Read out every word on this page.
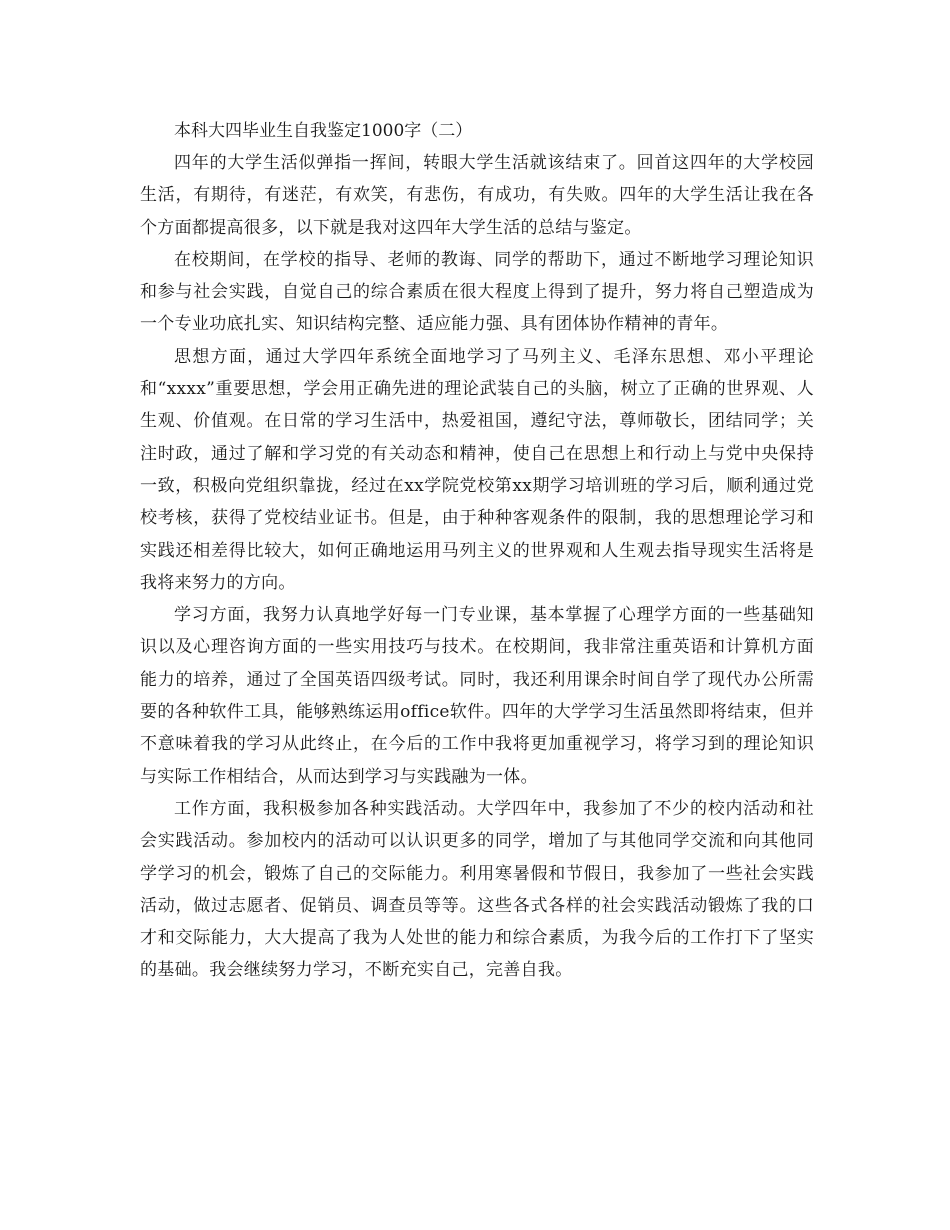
本科大四毕业生自我鉴定1000字（二）

四年的大学生活似弹指一挥间，转眼大学生活就该结束了。回首这四年的大学校园生活，有期待，有迷茫，有欢笑，有悲伤，有成功，有失败。四年的大学生活让我在各个方面都提高很多，以下就是我对这四年大学生活的总结与鉴定。

在校期间，在学校的指导、老师的教诲、同学的帮助下，通过不断地学习理论知识和参与社会实践，自觉自己的综合素质在很大程度上得到了提升，努力将自己塑造成为一个专业功底扎实、知识结构完整、适应能力强、具有团体协作精神的青年。

思想方面，通过大学四年系统全面地学习了马列主义、毛泽东思想、邓小平理论和“xxxx”重要思想，学会用正确先进的理论武装自己的头脑，树立了正确的世界观、人生观、价值观。在日常的学习生活中，热爱祖国，遵纪守法，尊师敬长，团结同学；关注时政，通过了解和学习党的有关动态和精神，使自己在思想上和行动上与党中央保持一致，积极向党组织靠拢，经过在xx学院党校第xx期学习培训班的学习后，顺利通过党校考核，获得了党校结业证书。但是，由于种种客观条件的限制，我的思想理论学习和实践还相差得比较大，如何正确地运用马列主义的世界观和人生观去指导现实生活将是我将来努力的方向。

学习方面，我努力认真地学好每一门专业课，基本掌握了心理学方面的一些基础知识以及心理咨询方面的一些实用技巧与技术。在校期间，我非常注重英语和计算机方面能力的培养，通过了全国英语四级考试。同时，我还利用课余时间自学了现代办公所需要的各种软件工具，能够熟练运用office软件。四年的大学学习生活虽然即将结束，但并不意味着我的学习从此终止，在今后的工作中我将更加重视学习，将学习到的理论知识与实际工作相结合，从而达到学习与实践融为一体。

工作方面，我积极参加各种实践活动。大学四年中，我参加了不少的校内活动和社会实践活动。参加校内的活动可以认识更多的同学，增加了与其他同学交流和向其他同学学习的机会，锻炼了自己的交际能力。利用寒暑假和节假日，我参加了一些社会实践活动，做过志愿者、促销员、调查员等等。这些各式各样的社会实践活动锻炼了我的口才和交际能力，大大提高了我为人处世的能力和综合素质，为我今后的工作打下了坚实的基础。我会继续努力学习，不断充实自己，完善自我。
